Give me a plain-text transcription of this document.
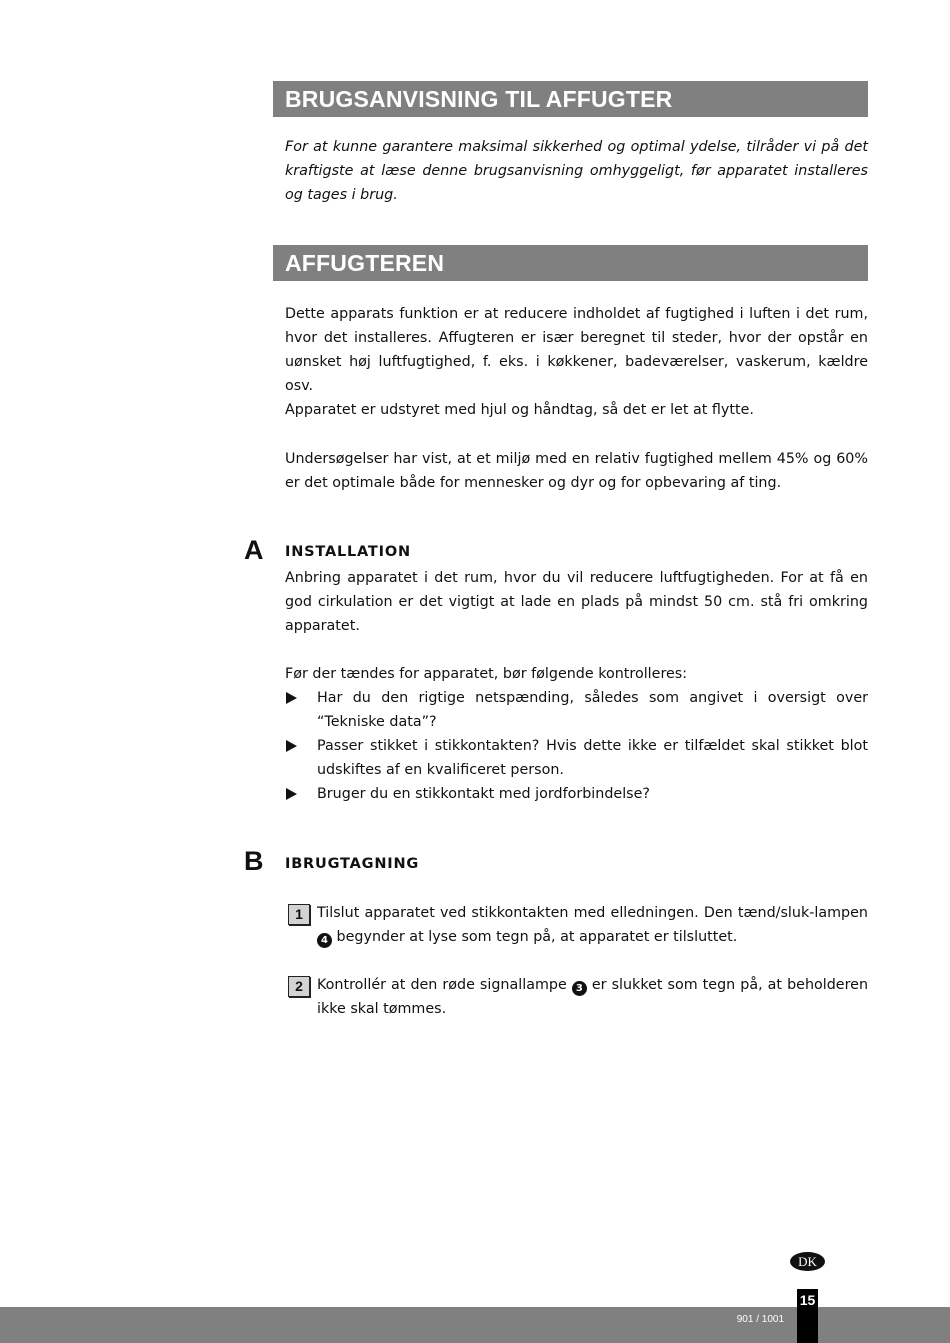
BRUGSANVISNING TIL AFFUGTER
For at kunne garantere maksimal sikkerhed og optimal ydelse, tilråder vi på det kraftigste at læse denne brugsanvisning omhyggeligt, før apparatet installeres og tages i brug.
AFFUGTEREN
Dette apparats funktion er at reducere indholdet af fugtighed i luften i det rum, hvor det installeres. Affugteren er især beregnet til steder, hvor der opstår en uønsket høj luftfugtighed, f. eks. i køkkener, badeværelser, vaskerum, kældre osv.
Apparatet er udstyret med hjul og håndtag, så det er let at flytte.
Undersøgelser har vist, at et miljø med en relativ fugtighed mellem 45% og 60% er det optimale både for mennesker og dyr og for opbevaring af ting.
A INSTALLATION
Anbring apparatet i det rum, hvor du vil reducere luftfugtigheden. For at få en god cirkulation er det vigtigt at lade en plads på mindst 50 cm. stå fri omkring apparatet.
Før der tændes for apparatet, bør følgende kontrolleres:
Har du den rigtige netspænding, således som angivet i oversigt over “Tekniske data”?
Passer stikket i stikkontakten? Hvis dette ikke er tilfældet skal stikket blot udskiftes af en kvalificeret person.
Bruger du en stikkontakt med jordforbindelse?
B IBRUGTAGNING
1 Tilslut apparatet ved stikkontakten med elledningen. Den tænd/sluk-lampen 4 begynder at lyse som tegn på, at apparatet er tilsluttet.
2 Kontrollér at den røde signallampe 3 er slukket som tegn på, at beholderen ikke skal tømmes.
DK
901 / 1001
15
